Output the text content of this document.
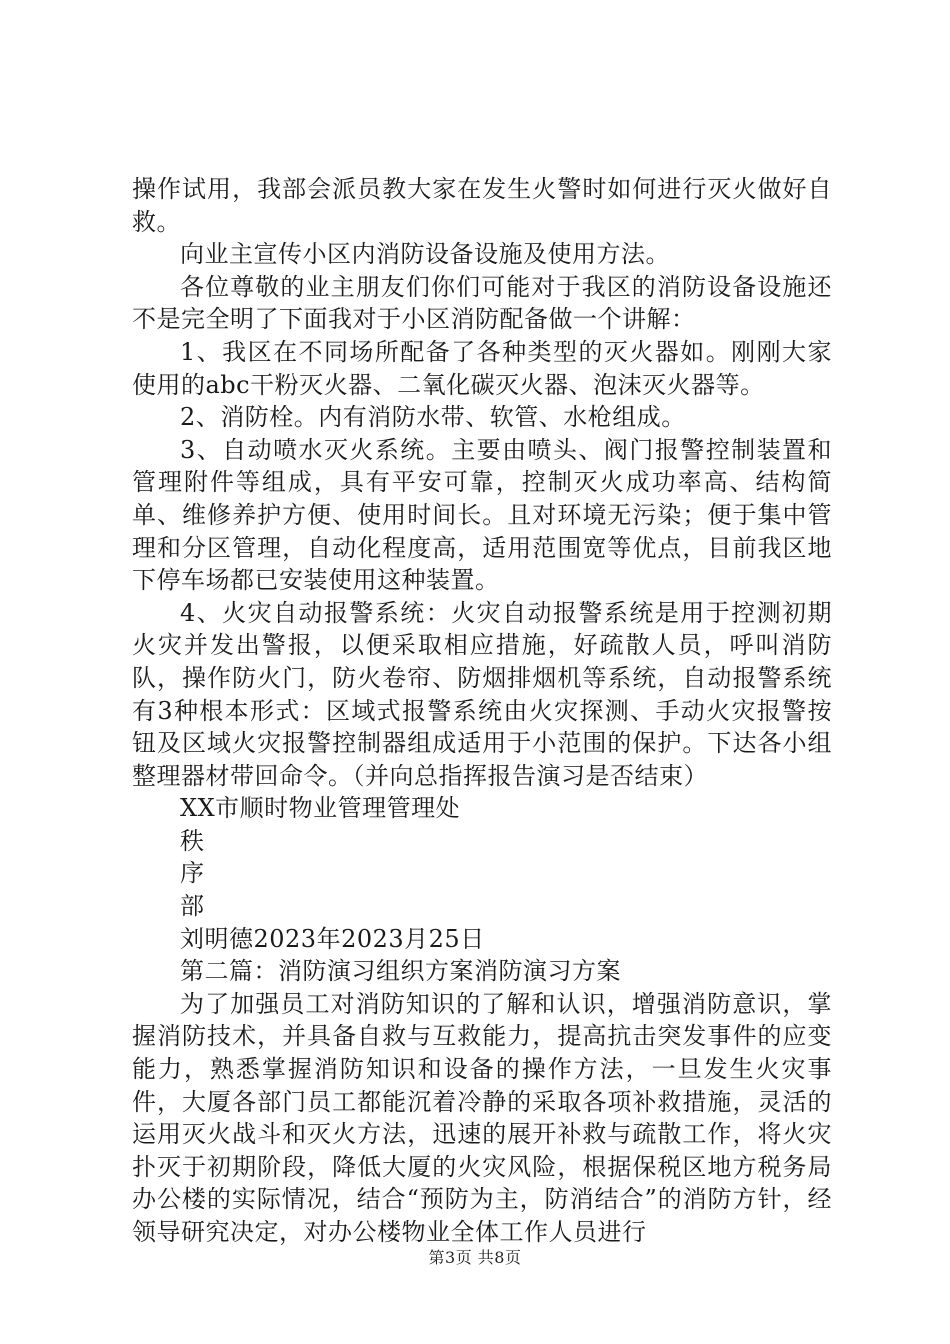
操作试用，我部会派员教大家在发生火警时如何进行灭火做好自救。

向业主宣传小区内消防设备设施及使用方法。

各位尊敬的业主朋友们你们可能对于我区的消防设备设施还不是完全明了下面我对于小区消防配备做一个讲解：

1、我区在不同场所配备了各种类型的灭火器如。刚刚大家使用的abc干粉灭火器、二氧化碳灭火器、泡沫灭火器等。

2、消防栓。内有消防水带、软管、水枪组成。

3、自动喷水灭火系统。主要由喷头、阀门报警控制装置和管理附件等组成，具有平安可靠，控制灭火成功率高、结构简单、维修养护方便、使用时间长。且对环境无污染；便于集中管理和分区管理，自动化程度高，适用范围宽等优点，目前我区地下停车场都已安装使用这种装置。

4、火灾自动报警系统：火灾自动报警系统是用于控测初期火灾并发出警报，以便采取相应措施，好疏散人员，呼叫消防队，操作防火门，防火卷帘、防烟排烟机等系统，自动报警系统有3种根本形式：区域式报警系统由火灾探测、手动火灾报警按钮及区域火灾报警控制器组成适用于小范围的保护。下达各小组整理器材带回命令。（并向总指挥报告演习是否结束）

XX市顺时物业管理管理处

秩

序

部

刘明德2023年2023月25日

第二篇：消防演习组织方案消防演习方案

为了加强员工对消防知识的了解和认识，增强消防意识，掌握消防技术，并具备自救与互救能力，提高抗击突发事件的应变能力，熟悉掌握消防知识和设备的操作方法，一旦发生火灾事件，大厦各部门员工都能沉着冷静的采取各项补救措施，灵活的运用灭火战斗和灭火方法，迅速的展开补救与疏散工作，将火灾扑灭于初期阶段，降低大厦的火灾风险，根据保税区地方税务局办公楼的实际情况，结合“预防为主，防消结合”的消防方针，经领导研究决定，对办公楼物业全体工作人员进行

第3页 共8页
